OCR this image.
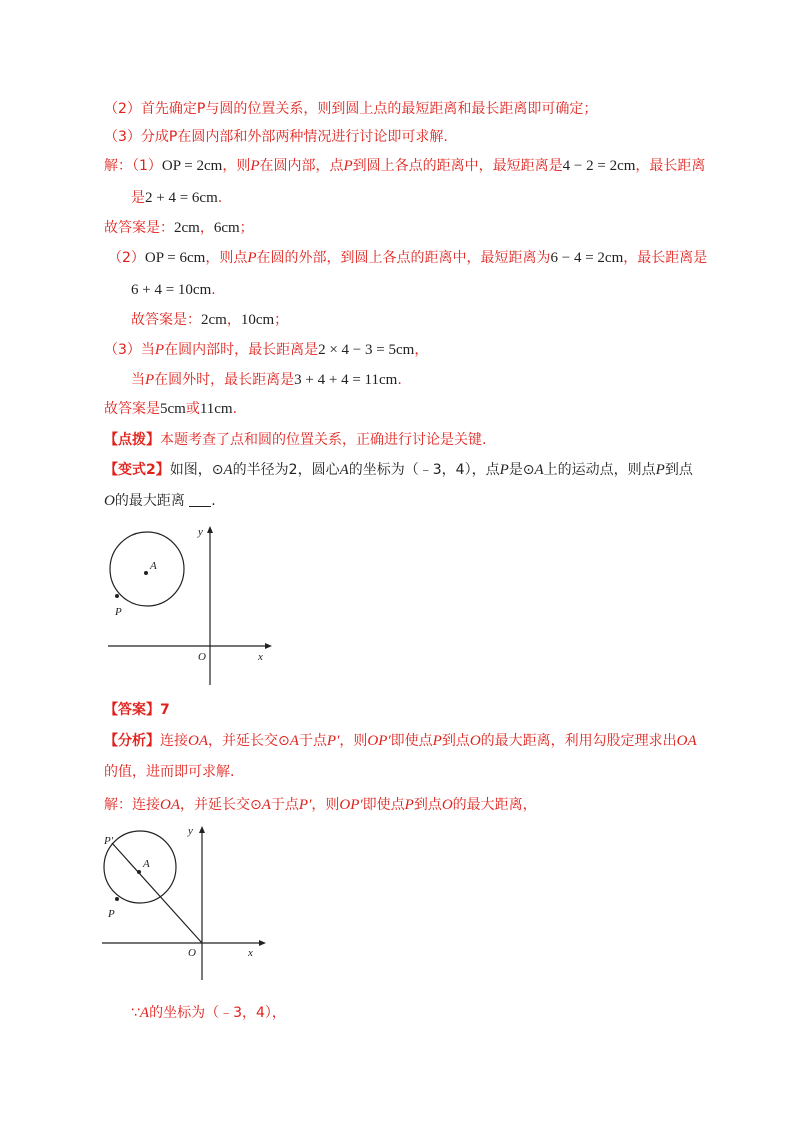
（2）首先确定P与圆的位置关系，则到圆上点的最短距离和最长距离即可确定；
（3）分成P在圆内部和外部两种情况进行讨论即可求解.
解：（1）OP = 2cm，则P在圆内部，点P到圆上各点的距离中，最短距离是4 − 2 = 2cm，最长距离
是2 + 4 = 6cm.
故答案是：2cm，6cm；
（2）OP = 6cm，则点P在圆的外部，到圆上各点的距离中，最短距离为6 − 4 = 2cm，最长距离是
6 + 4 = 10cm.
故答案是：2cm，10cm；
（3）当P在圆内部时，最长距离是2 × 4 − 3 = 5cm，
当P在圆外时，最长距离是3 + 4 + 4 = 11cm.
故答案是5cm或11cm.
【点拨】本题考查了点和圆的位置关系，正确进行讨论是关键.
【变式2】如图，⊙A的半径为2，圆心A的坐标为（﹣3，4），点P是⊙A上的运动点，则点P到点
O的最大距离 .
A
P
y
x
O
【答案】7
【分析】连接OA，并延长交⊙A于点P′，则OP′即使点P到点O的最大距离，利用勾股定理求出OA
的值，进而即可求解.
解：连接OA，并延长交⊙A于点P′，则OP′即使点P到点O的最大距离，
A
P
P′
y
x
O
∵A的坐标为（﹣3，4），
